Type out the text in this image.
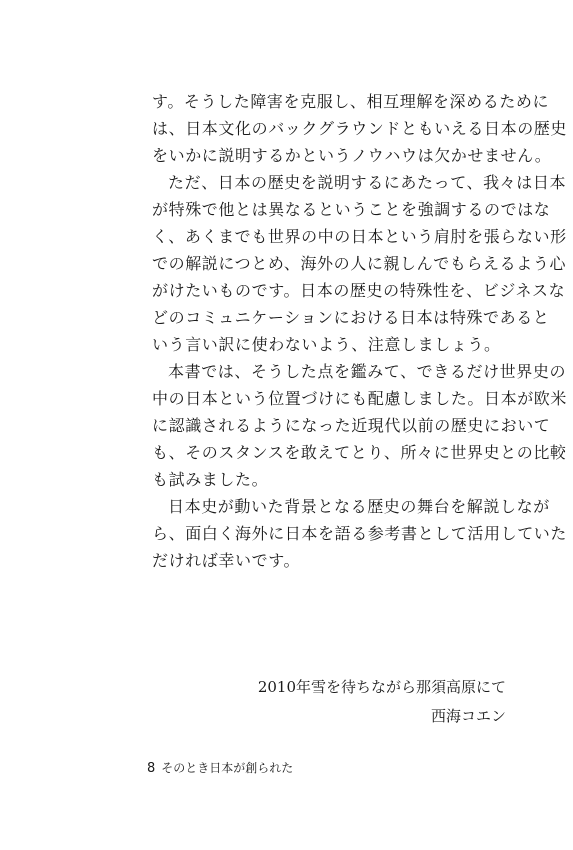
す。そうした障害を克服し、相互理解を深めるために
は、日本文化のバックグラウンドともいえる日本の歴史
をいかに説明するかというノウハウは欠かせません。
ただ、日本の歴史を説明するにあたって、我々は日本
が特殊で他とは異なるということを強調するのではな
く、あくまでも世界の中の日本という肩肘を張らない形
での解説につとめ、海外の人に親しんでもらえるよう心
がけたいものです。日本の歴史の特殊性を、ビジネスな
どのコミュニケーションにおける日本は特殊であると
いう言い訳に使わないよう、注意しましょう。
本書では、そうした点を鑑みて、できるだけ世界史の
中の日本という位置づけにも配慮しました。日本が欧米
に認識されるようになった近現代以前の歴史において
も、そのスタンスを敢えてとり、所々に世界史との比較
も試みました。
日本史が動いた背景となる歴史の舞台を解説しなが
ら、面白く海外に日本を語る参考書として活用していた
だければ幸いです。
2010年雪を待ちながら那須高原にて
西海コエン
8 そのとき日本が創られた
